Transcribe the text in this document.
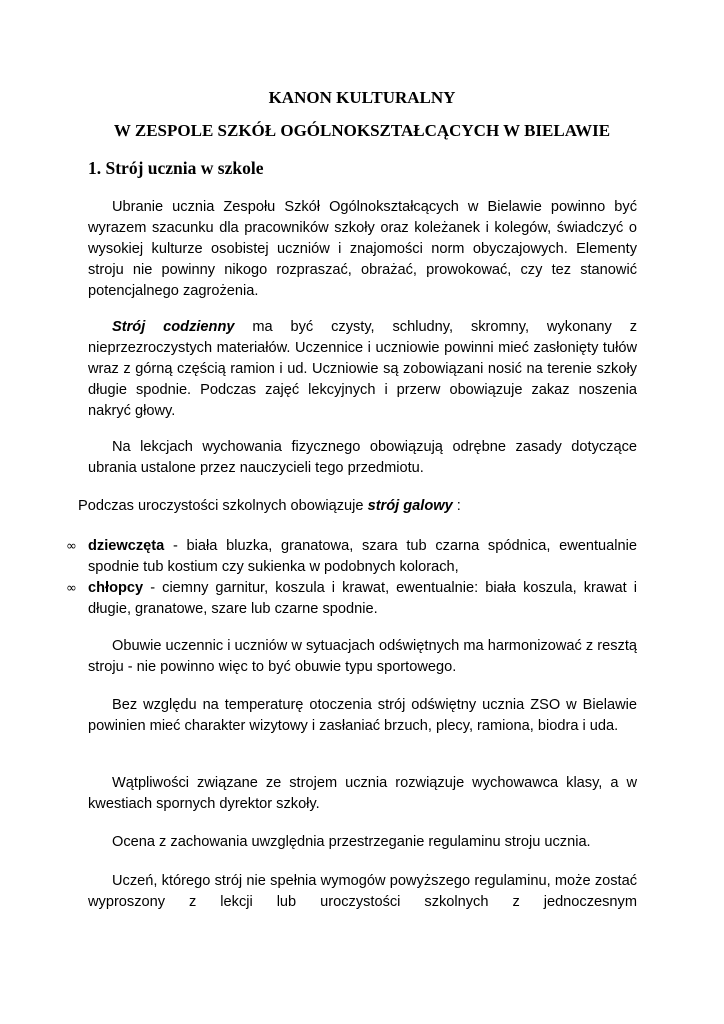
KANON KULTURALNY
W ZESPOLE SZKÓŁ OGÓLNOKSZTAŁCĄCYCH W BIELAWIE
1. Strój ucznia w szkole

Ubranie ucznia Zespołu Szkół Ogólnokształcących w Bielawie powinno być wyrazem szacunku dla pracowników szkoły oraz koleżanek i kolegów, świadczyć o wysokiej kulturze osobistej uczniów i znajomości norm obyczajowych. Elementy stroju nie powinny nikogo rozpraszać, obrażać, prowokować, czy tez stanowić potencjalnego zagrożenia.

Strój codzienny ma być czysty, schludny, skromny, wykonany z nieprzezroczystych materiałów. Uczennice i uczniowie powinni mieć zasłonięty tułów wraz z górną częścią ramion i ud. Uczniowie są zobowiązani nosić na terenie szkoły długie spodnie. Podczas zajęć lekcyjnych i przerw obowiązuje zakaz noszenia nakryć głowy.

Na lekcjach wychowania fizycznego obowiązują odrębne zasady dotyczące ubrania ustalone przez nauczycieli tego przedmiotu.

Podczas uroczystości szkolnych obowiązuje strój galowy :

∞ dziewczęta - biała bluzka, granatowa, szara tub czarna spódnica, ewentualnie spodnie tub kostium czy sukienka w podobnych kolorach,
∞ chłopcy - ciemny garnitur, koszula i krawat, ewentualnie: biała koszula, krawat i długie, granatowe, szare lub czarne spodnie.

Obuwie uczennic i uczniów w sytuacjach odświętnych ma harmonizować z resztą stroju - nie powinno więc to być obuwie typu sportowego.

Bez względu na temperaturę otoczenia strój odświętny ucznia ZSO w Bielawie powinien mieć charakter wizytowy i zasłaniać brzuch, plecy, ramiona, biodra i uda.

Wątpliwości związane ze strojem ucznia rozwiązuje wychowawca klasy, a w kwestiach spornych dyrektor szkoły.

Ocena z zachowania uwzględnia przestrzeganie regulaminu stroju ucznia.

Uczeń, którego strój nie spełnia wymogów powyższego regulaminu, może zostać wyproszony z lekcji lub uroczystości szkolnych z jednoczesnym
